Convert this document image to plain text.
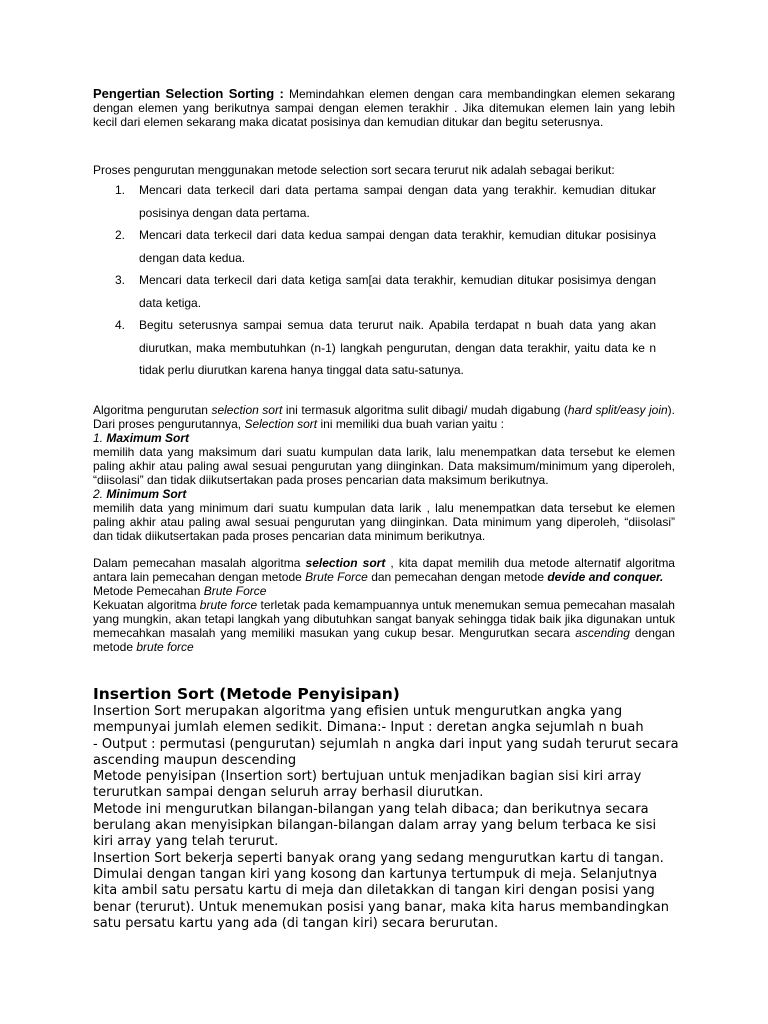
Pengertian Selection Sorting : Memindahkan elemen dengan cara membandingkan elemen sekarang dengan elemen yang berikutnya sampai dengan elemen terakhir . Jika ditemukan elemen lain yang lebih kecil dari elemen sekarang maka dicatat posisinya dan kemudian ditukar dan begitu seterusnya.

Proses pengurutan menggunakan metode selection sort secara terurut nik adalah sebagai berikut:

1. Mencari data terkecil dari data pertama sampai dengan data yang terakhir. kemudian ditukar posisinya dengan data pertama.
2. Mencari data terkecil dari data kedua sampai dengan data terakhir, kemudian ditukar posisinya dengan data kedua.
3. Mencari data terkecil dari data ketiga sam[ai data terakhir, kemudian ditukar posisimya dengan data ketiga.
4. Begitu seterusnya sampai semua data terurut naik. Apabila terdapat n buah data yang akan diurutkan, maka membutuhkan (n-1) langkah pengurutan, dengan data terakhir, yaitu data ke n tidak perlu diurutkan karena hanya tinggal data satu-satunya.

Algoritma pengurutan selection sort ini termasuk algoritma sulit dibagi/ mudah digabung (hard split/easy join). Dari proses pengurutannya, Selection sort ini memiliki dua buah varian yaitu :

1. Maximum Sort

memilih data yang maksimum dari suatu kumpulan data larik, lalu menempatkan data tersebut ke elemen paling akhir atau paling awal sesuai pengurutan yang diinginkan. Data maksimum/minimum yang diperoleh, “diisolasi” dan tidak diikutsertakan pada proses pencarian data maksimum berikutnya.

2. Minimum Sort

memilih data yang minimum dari suatu kumpulan data larik , lalu menempatkan data tersebut ke elemen paling akhir atau paling awal sesuai pengurutan yang diinginkan. Data minimum yang diperoleh, “diisolasi” dan tidak diikutsertakan pada proses pencarian data minimum berikutnya.

Dalam pemecahan masalah algoritma selection sort , kita dapat memilih dua metode alternatif algoritma antara lain pemecahan dengan metode Brute Force dan pemecahan dengan metode devide and conquer.

Metode Pemecahan Brute Force

Kekuatan algoritma brute force terletak pada kemampuannya untuk menemukan semua pemecahan masalah yang mungkin, akan tetapi langkah yang dibutuhkan sangat banyak sehingga tidak baik jika digunakan untuk memecahkan masalah yang memiliki masukan yang cukup besar. Mengurutkan secara ascending dengan metode brute force

Insertion Sort (Metode Penyisipan)

Insertion Sort merupakan algoritma yang efisien untuk mengurutkan angka yang

mempunyai jumlah elemen sedikit. Dimana:- Input : deretan angka sejumlah n buah

- Output : permutasi (pengurutan) sejumlah n angka dari input yang sudah terurut secara

ascending maupun descending

Metode penyisipan (Insertion sort) bertujuan untuk menjadikan bagian sisi kiri array

terurutkan sampai dengan seluruh array berhasil diurutkan.

Metode ini mengurutkan bilangan-bilangan yang telah dibaca; dan berikutnya secara

berulang akan menyisipkan bilangan-bilangan dalam array yang belum terbaca ke sisi

kiri array yang telah terurut.

Insertion Sort bekerja seperti banyak orang yang sedang mengurutkan kartu di tangan.

Dimulai dengan tangan kiri yang kosong dan kartunya tertumpuk di meja. Selanjutnya

kita ambil satu persatu kartu di meja dan diletakkan di tangan kiri dengan posisi yang

benar (terurut). Untuk menemukan posisi yang banar, maka kita harus membandingkan

satu persatu kartu yang ada (di tangan kiri) secara berurutan.
